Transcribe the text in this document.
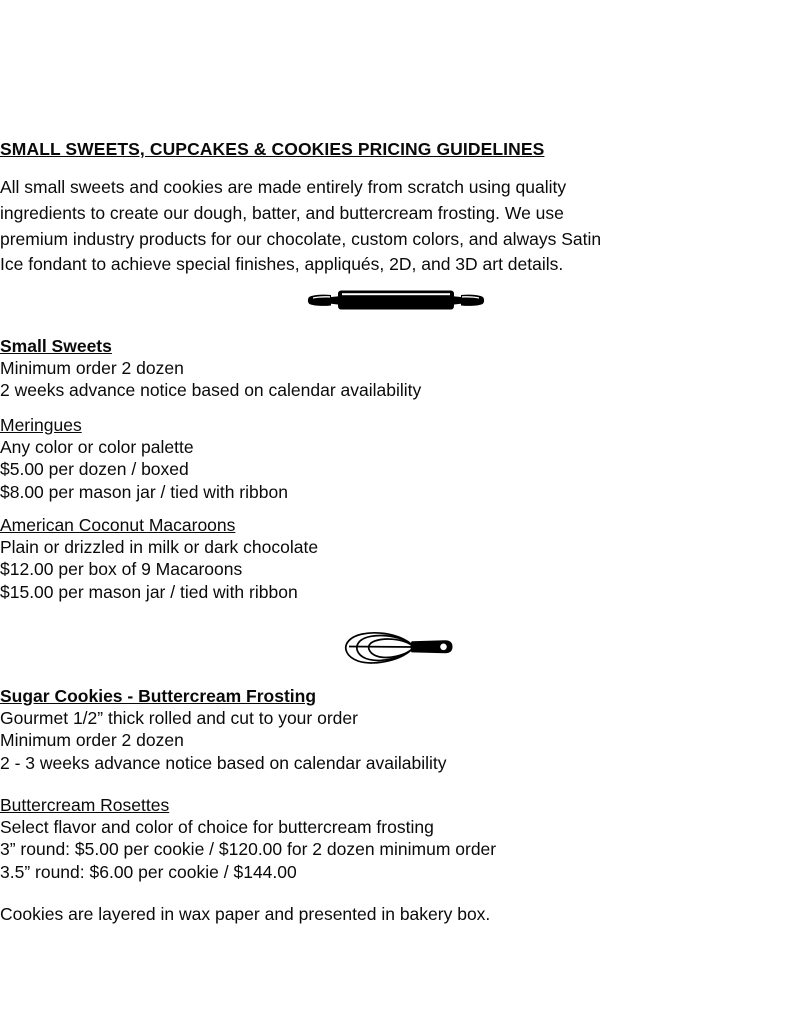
SMALL SWEETS, CUPCAKES & COOKIES PRICING GUIDELINES

All small sweets and cookies are made entirely from scratch using quality

ingredients to create our dough, batter, and buttercream frosting. We use

premium industry products for our chocolate, custom colors, and always Satin

Ice fondant to achieve special finishes, appliqués, 2D, and 3D art details.

Small Sweets

Minimum order 2 dozen

2 weeks advance notice based on calendar availability

Meringues

Any color or color palette

$5.00 per dozen / boxed

$8.00 per mason jar / tied with ribbon

American Coconut Macaroons

Plain or drizzled in milk or dark chocolate

$12.00 per box of 9 Macaroons

$15.00 per mason jar / tied with ribbon

Sugar Cookies - Buttercream Frosting

Gourmet 1/2” thick rolled and cut to your order

Minimum order 2 dozen

2 - 3 weeks advance notice based on calendar availability

Buttercream Rosettes

Select flavor and color of choice for buttercream frosting

3” round: $5.00 per cookie / $120.00 for 2 dozen minimum order

3.5” round: $6.00 per cookie / $144.00

Cookies are layered in wax paper and presented in bakery box.
